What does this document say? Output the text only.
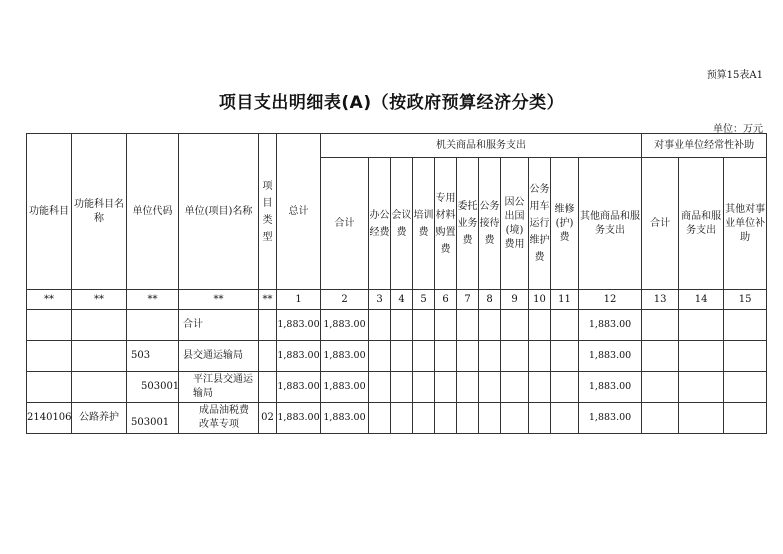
预算15表A1
项目支出明细表(A)（按政府预算经济分类）
单位：万元
功能科目	功能科目名称	单位代码	单位(项目)名称	项目类型	总计	机关商品和服务支出											对事业单位经常性补助		
						合计	办公经费	会议费	培训费	专用材料购置费	委托业务费	公务接待费	因公出国(境)费用	公务用车运行维护费	维修(护)费	其他商品和服务支出	合计	商品和服务支出	其他对事业单位补助
**	**	**	**	**	1	2	3	4	5	6	7	8	9	10	11	12	13	14	15
			合计		1,883.00	1,883.00										1,883.00			
		503	县交通运输局		1,883.00	1,883.00										1,883.00			
		503001	平江县交通运输局		1,883.00	1,883.00										1,883.00			
2140106	公路养护	503001	成品油税费改革专项	02	1,883.00	1,883.00										1,883.00			
